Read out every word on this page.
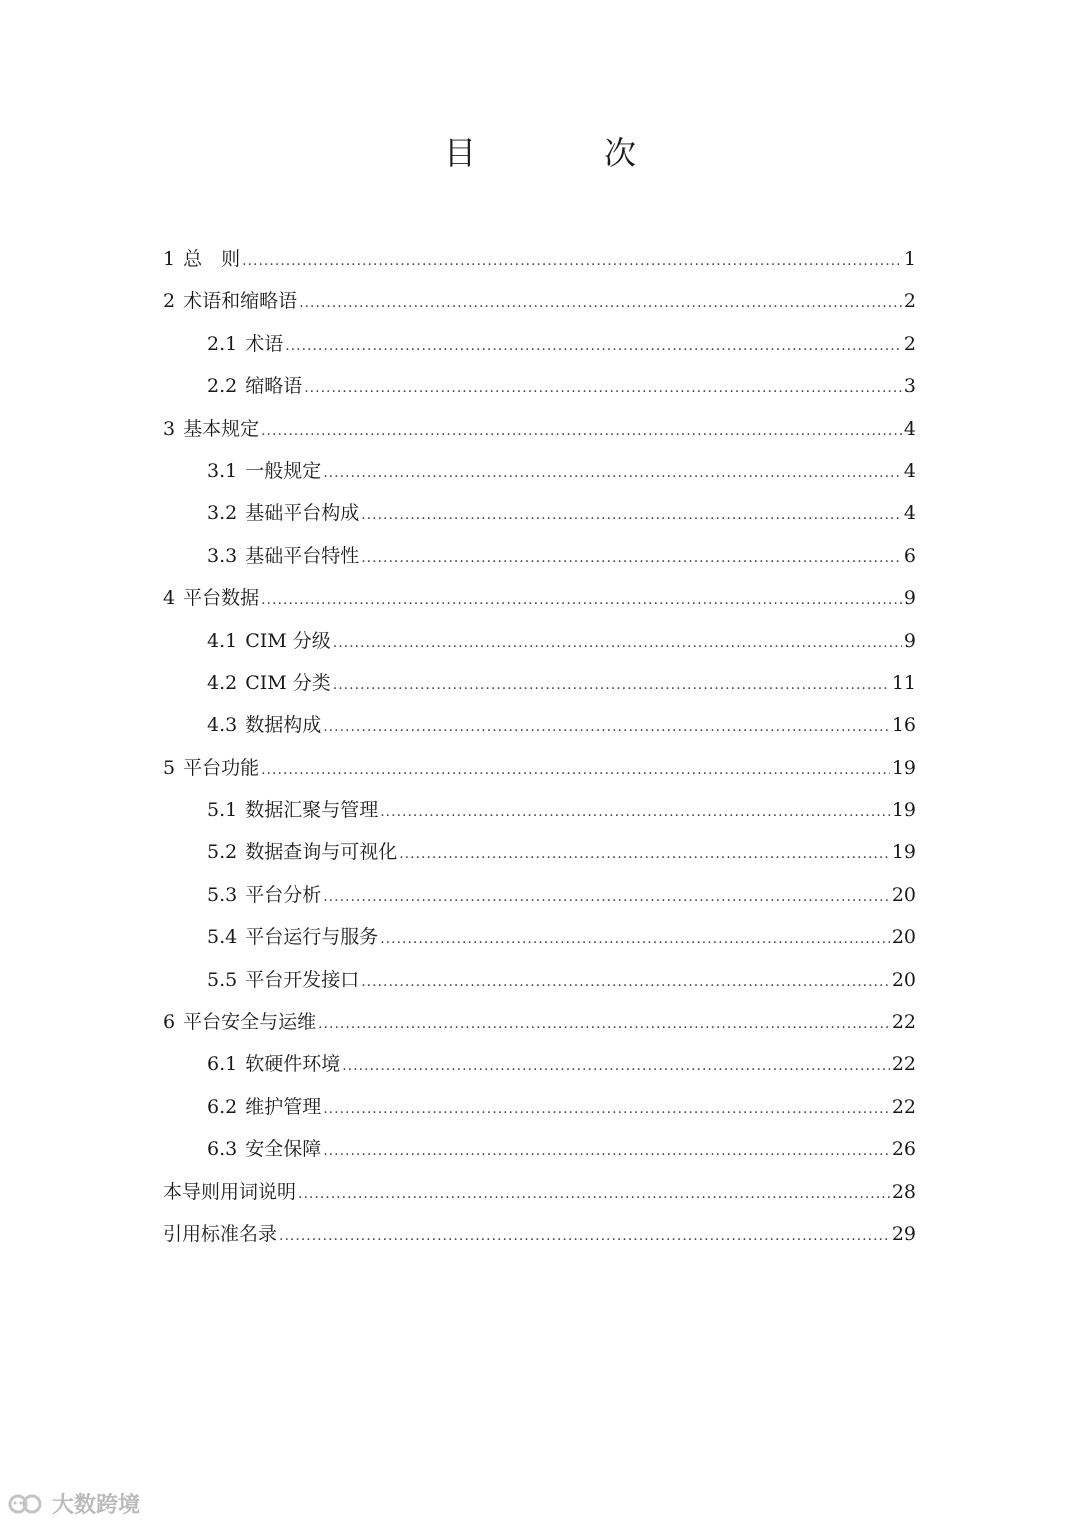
目　次
1 总　则 .....	1
2 术语和缩略语 .....	2
2.1 术语 .....	2
2.2 缩略语 .....	3
3 基本规定 .....	4
3.1 一般规定 .....	4
3.2 基础平台构成 .....	4
3.3 基础平台特性 .....	6
4 平台数据 .....	9
4.1 CIM 分级 .....	9
4.2 CIM 分类 .....	11
4.3 数据构成 .....	16
5 平台功能 .....	19
5.1 数据汇聚与管理 .....	19
5.2 数据查询与可视化 .....	19
5.3 平台分析 .....	20
5.4 平台运行与服务 .....	20
5.5 平台开发接口 .....	20
6 平台安全与运维 .....	22
6.1 软硬件环境 .....	22
6.2 维护管理 .....	22
6.3 安全保障 .....	26
本导则用词说明 .....	28
引用标准名录 .....	29
大数跨境
